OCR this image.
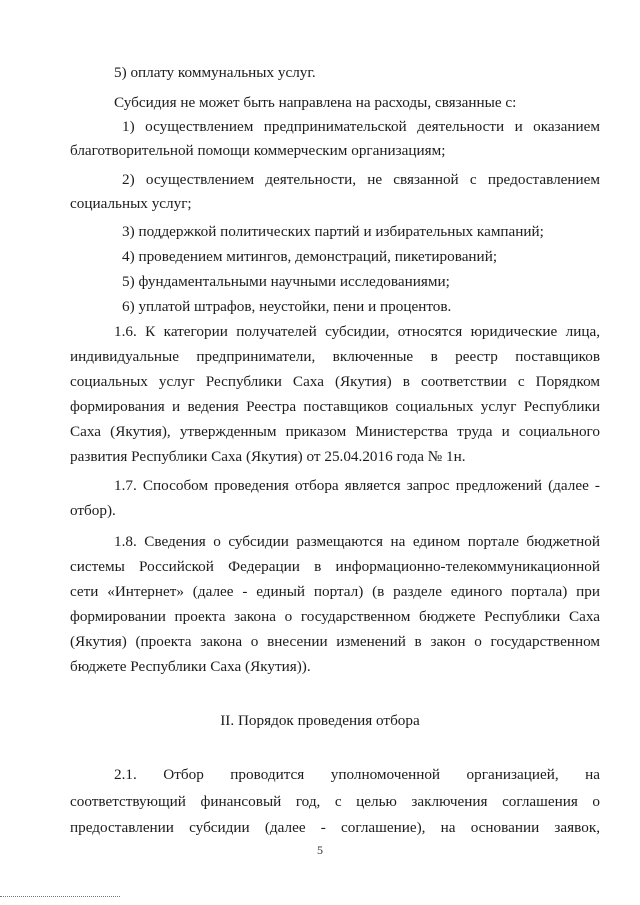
5) оплату коммунальных услуг.
Субсидия не может быть направлена на расходы, связанные с:
1) осуществлением предпринимательской деятельности и оказанием
благотворительной помощи коммерческим организациям;
2) осуществлением деятельности, не связанной с предоставлением
социальных услуг;
3) поддержкой политических партий и избирательных кампаний;
4) проведением митингов, демонстраций, пикетирований;
5) фундаментальными научными исследованиями;
6) уплатой штрафов, неустойки, пени и процентов.
1.6. К категории получателей субсидии, относятся юридические лица,
индивидуальные предприниматели, включенные в реестр поставщиков
социальных услуг Республики Саха (Якутия) в соответствии с Порядком
формирования и ведения Реестра поставщиков социальных услуг Республики
Саха (Якутия), утвержденным приказом Министерства труда и социального
развития Республики Саха (Якутия) от 25.04.2016 года № 1н.
1.7. Способом проведения отбора является запрос предложений (далее -
отбор).
1.8. Сведения о субсидии размещаются на едином портале бюджетной
системы Российской Федерации в информационно-телекоммуникационной
сети «Интернет» (далее - единый портал) (в разделе единого портала) при
формировании проекта закона о государственном бюджете Республики Саха
(Якутия) (проекта закона о внесении изменений в закон о государственном
бюджете Республики Саха (Якутия)).
II. Порядок проведения отбора
2.1. Отбор проводится уполномоченной организацией, на
соответствующий финансовый год, с целью заключения соглашения о
предоставлении субсидии (далее - соглашение), на основании заявок,
5
